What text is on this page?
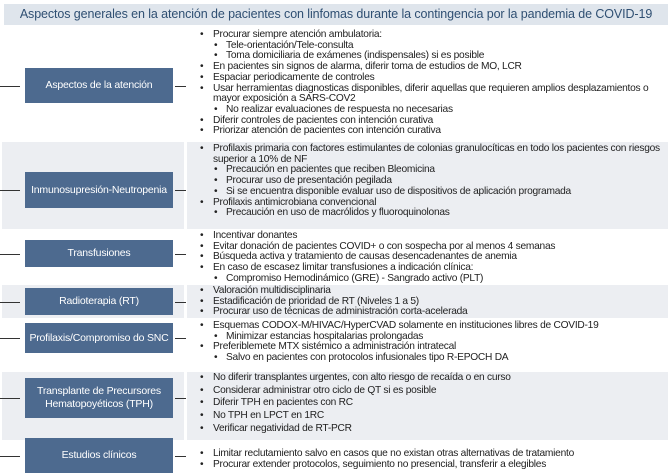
Aspectos generales en la atención de pacientes con linfomas durante la contingencia por la pandemia de COVID-19
Aspectos de la atención
• Procurar siempre atención ambulatoria:
• Tele-orientación/Tele-consulta
• Toma domiciliaria de exámenes (indispensales) si es posible
• En pacientes sin signos de alarma, diferir toma de estudios de MO, LCR
• Espaciar periodicamente de controles
• Usar herramientas diagnosticas disponibles, diferir aquellas que requieren amplios desplazamientos o mayor exposición a SARS-COV2
• No realizar evaluaciones de respuesta no necesarias
• Diferir controles de pacientes con intención curativa
• Priorizar atención de pacientes con intención curativa
Inmunosupresión-Neutropenia
• Profilaxis primaria con factores estimulantes de colonias granulocíticas en todo los pacientes con riesgos superior a 10% de NF
• Precaución en pacientes que reciben Bleomicina
• Procurar uso de presentación pegilada
• Si se encuentra disponible evaluar uso de dispositivos de aplicación programada
• Profilaxis antimicrobiana convencional
• Precaución en uso de macrólidos y fluoroquinolonas
Transfusiones
• Incentivar donantes
• Evitar donación de pacientes COVID+ o con sospecha por al menos 4 semanas
• Búsqueda activa y tratamiento de causas desencadenantes de anemia
• En caso de escasez limitar transfusiones a indicación clínica:
• Compromiso Hemodinámico (GRE) - Sangrado activo (PLT)
Radioterapia (RT)
• Valoración multidisciplinaria
• Estadificación de prioridad de RT (Niveles 1 a 5)
• Procurar uso de técnicas de administración corta-acelerada
Profilaxis/Compromiso do SNC
• Esquemas CODOX-M/HIVAC/HyperCVAD solamente en instituciones libres de COVID-19
• Minimizar estancias hospitalarias prolongadas
• Preferiblemete MTX sistémico a administración intratecal
• Salvo en pacientes con protocolos infusionales tipo R-EPOCH DA
Transplante de Precursores Hematopoyéticos (TPH)
• No diferir transplantes urgentes, con alto riesgo de recaída o en curso
• Considerar administrar otro ciclo de QT si es posible
• Diferir TPH en pacientes con RC
• No TPH en LPCT en 1RC
• Verificar negatividad de RT-PCR
Estudios clínicos	• Limitar reclutamiento salvo en casos que no existan otras alternativas de tratamiento
• Procurar extender protocolos, seguimiento no presencial, transferir a elegibles
